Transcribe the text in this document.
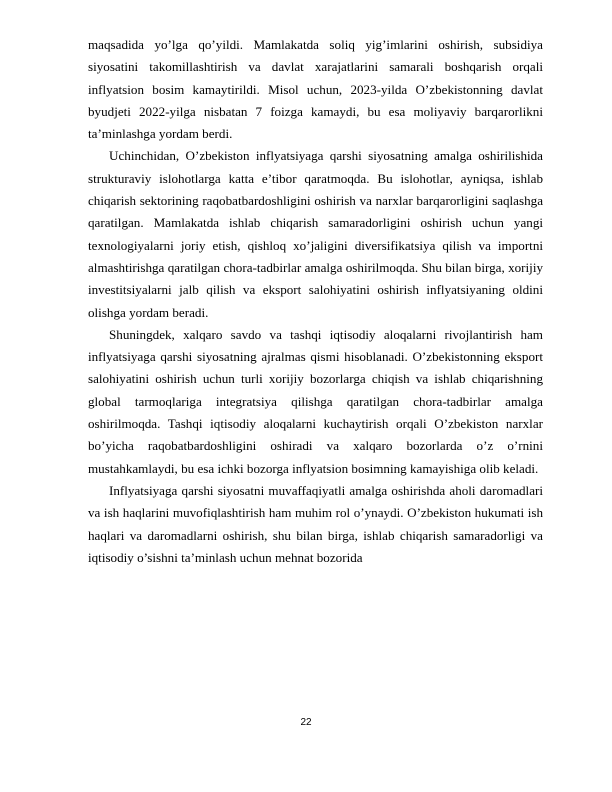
maqsadida yo’lga qo’yildi. Mamlakatda soliq yig’imlarini oshirish, subsidiya siyosatini takomillashtirish va davlat xarajatlarini samarali boshqarish orqali inflyatsion bosim kamaytirildi. Misol uchun, 2023-yilda O’zbekistonning davlat byudjeti 2022-yilga nisbatan 7 foizga kamaydi, bu esa moliyaviy barqarorlikni ta’minlashga yordam berdi.

Uchinchidan, O’zbekiston inflyatsiyaga qarshi siyosatning amalga oshirilishida strukturaviy islohotlarga katta e’tibor qaratmoqda. Bu islohotlar, ayniqsa, ishlab chiqarish sektorining raqobatbardoshligini oshirish va narxlar barqarorligini saqlashga qaratilgan. Mamlakatda ishlab chiqarish samaradorligini oshirish uchun yangi texnologiyalarni joriy etish, qishloq xo’jaligini diversifikatsiya qilish va importni almashtirishga qaratilgan chora-tadbirlar amalga oshirilmoqda. Shu bilan birga, xorijiy investitsiyalarni jalb qilish va eksport salohiyatini oshirish inflyatsiyaning oldini olishga yordam beradi.

Shuningdek, xalqaro savdo va tashqi iqtisodiy aloqalarni rivojlantirish ham inflyatsiyaga qarshi siyosatning ajralmas qismi hisoblanadi. O’zbekistonning eksport salohiyatini oshirish uchun turli xorijiy bozorlarga chiqish va ishlab chiqarishning global tarmoqlariga integratsiya qilishga qaratilgan chora-tadbirlar amalga oshirilmoqda. Tashqi iqtisodiy aloqalarni kuchaytirish orqali O’zbekiston narxlar bo’yicha raqobatbardoshligini oshiradi va xalqaro bozorlarda o’z o’rnini mustahkamlaydi, bu esa ichki bozorga inflyatsion bosimning kamayishiga olib keladi.

Inflyatsiyaga qarshi siyosatni muvaffaqiyatli amalga oshirishda aholi daromadlari va ish haqlarini muvofiqlashtirish ham muhim rol o’ynaydi. O’zbekiston hukumati ish haqlari va daromadlarni oshirish, shu bilan birga, ishlab chiqarish samaradorligi va iqtisodiy o’sishni ta’minlash uchun mehnat bozorida

22
